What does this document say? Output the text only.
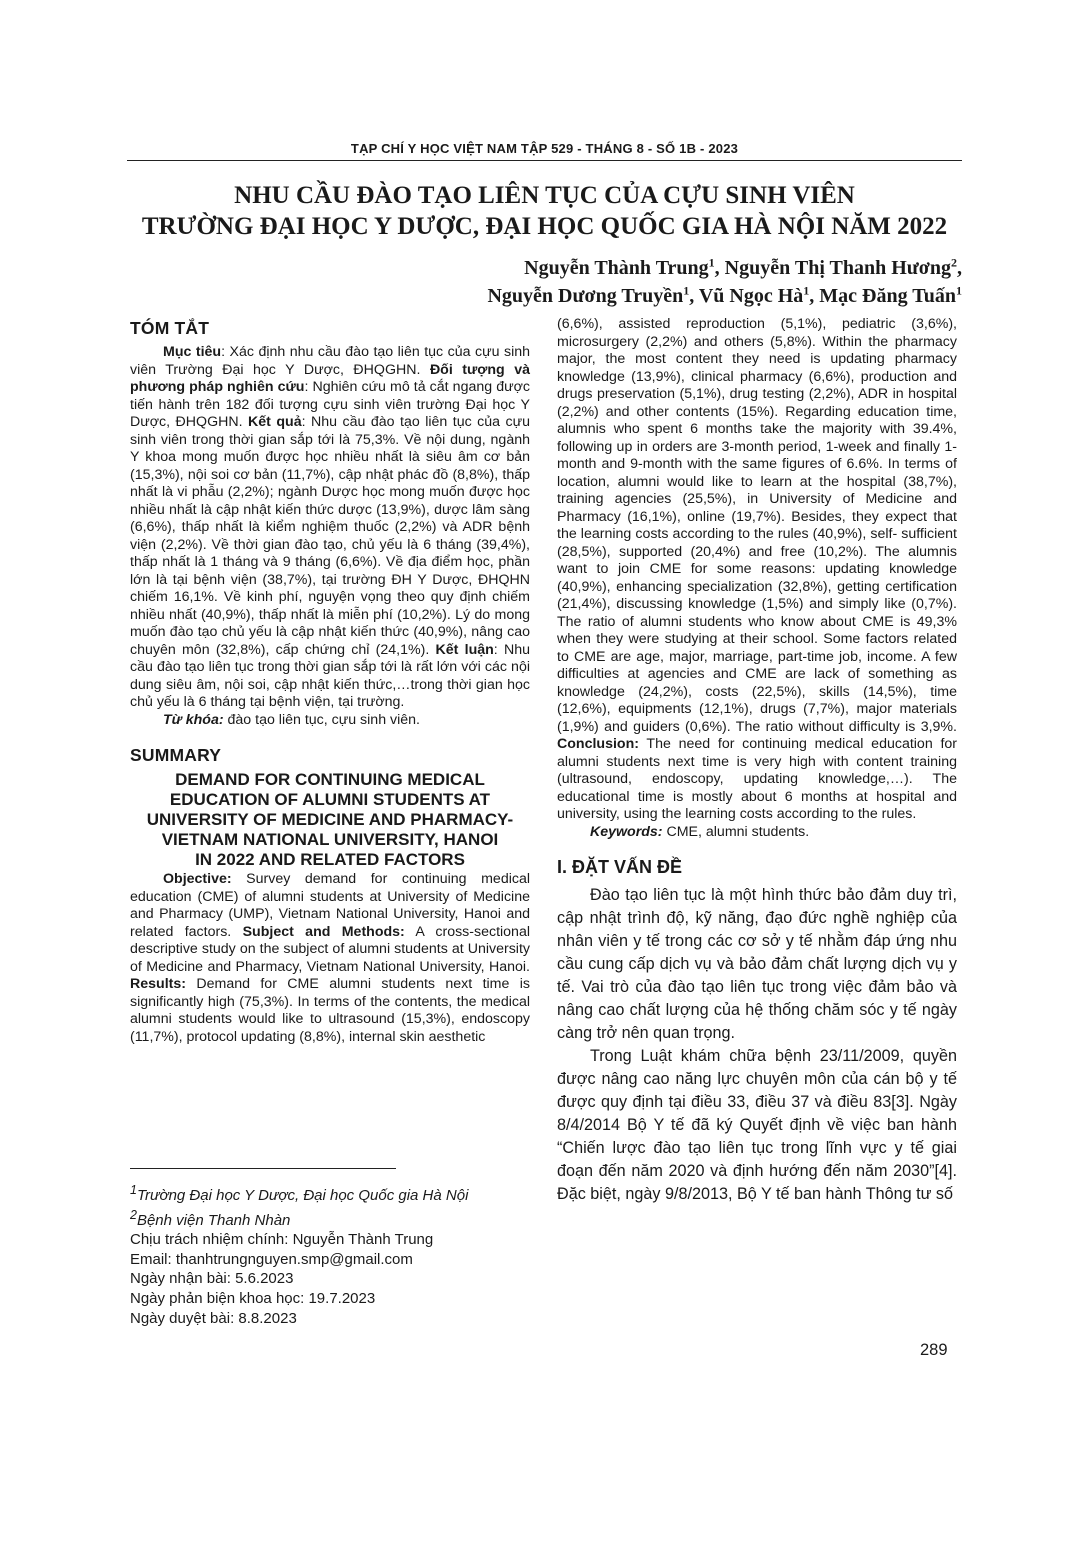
TẠP CHÍ Y HỌC VIỆT NAM TẬP 529 - THÁNG 8 - SỐ 1B - 2023
NHU CẦU ĐÀO TẠO LIÊN TỤC CỦA CỰU SINH VIÊN
TRƯỜNG ĐẠI HỌC Y DƯỢC, ĐẠI HỌC QUỐC GIA HÀ NỘI NĂM 2022
Nguyễn Thành Trung$^1$, Nguyễn Thị Thanh Hương$^2$,
Nguyễn Dương Truyền$^1$, Vũ Ngọc $Hà^1$, Mạc Đăng Tuấn$^1$
TÓM TẮT

Mục tiêu: Xác định nhu cầu đào tạo liên tục của cựu sinh viên Trường Đại học Y Dược, ĐHQGHN. Đối tượng và phương pháp nghiên cứu: Nghiên cứu mô tả cắt ngang được tiến hành trên 182 đối tượng cựu sinh viên trường Đại học Y Dược, ĐHQGHN. Kết quả: Nhu cầu đào tạo liên tục của cựu sinh viên trong thời gian sắp tới là 75,3%. Về nội dung, ngành Y khoa mong muốn được học nhiều nhất là siêu âm cơ bản (15,3%), nội soi cơ bản (11,7%), cập nhật phác đồ (8,8%), thấp nhất là vi phẫu (2,2%); ngành Dược học mong muốn được học nhiều nhất là cập nhật kiến thức dược (13,9%), dược lâm sàng (6,6%), thấp nhất là kiểm nghiệm thuốc (2,2%) và ADR bệnh viện (2,2%). Về thời gian đào tạo, chủ yếu là 6 tháng (39,4%), thấp nhất là 1 tháng và 9 tháng (6,6%). Về địa điểm học, phần lớn là tại bệnh viện (38,7%), tại trường ĐH Y Dược, ĐHQHN chiếm 16,1%. Về kinh phí, nguyện vọng theo quy định chiếm nhiều nhất (40,9%), thấp nhất là miễn phí (10,2%). Lý do mong muốn đào tạo chủ yếu là cập nhật kiến thức (40,9%), nâng cao chuyên môn (32,8%), cấp chứng chỉ (24,1%). Kết luận: Nhu cầu đào tạo liên tục trong thời gian sắp tới là rất lớn với các nội dung siêu âm, nội soi, cập nhật kiến thức,…trong thời gian học chủ yếu là 6 tháng tại bệnh viện, tại trường.

Từ khóa: đào tạo liên tục, cựu sinh viên.

SUMMARY
DEMAND FOR CONTINUING MEDICAL
EDUCATION OF ALUMNI STUDENTS AT
UNIVERSITY OF MEDICINE AND PHARMACY-
VIETNAM NATIONAL UNIVERSITY, HANOI
IN 2022 AND RELATED FACTORS

Objective: Survey demand for continuing medical education (CME) of alumni students at University of Medicine and Pharmacy (UMP), Vietnam National University, Hanoi and related factors. Subject and Methods: A cross-sectional descriptive study on the subject of alumni students at University of Medicine and Pharmacy, Vietnam National University, Hanoi. Results: Demand for CME alumni students next time is significantly high (75,3%). In terms of the contents, the medical alumni students would like to ultrasound (15,3%), endoscopy (11,7%), protocol updating (8,8%), internal skin aesthetic

$^1$Trường Đại học Y Dược, Đại học Quốc gia Hà Nội

$^2$Bệnh viện Thanh Nhàn

Chịu trách nhiệm chính: Nguyễn Thành Trung

Email: thanhtrungnguyen.smp@gmail.com

Ngày nhận bài: 5.6.2023

Ngày phản biện khoa học: 19.7.2023

Ngày duyệt bài: 8.8.2023

(6,6%), assisted reproduction (5,1%), pediatric (3,6%), microsurgery (2,2%) and others (5,8%). Within the pharmacy major, the most content they need is updating pharmacy knowledge (13,9%), clinical pharmacy (6,6%), production and drugs preservation (5,1%), drug testing (2,2%), ADR in hospital (2,2%) and other contents (15%). Regarding education time, alumnis who spent 6 months take the majority with 39.4%, following up in orders are 3-month period, 1-week and finally 1-month and 9-month with the same figures of 6.6%. In terms of location, alumni would like to learn at the hospital (38,7%), training agencies (25,5%), in University of Medicine and Pharmacy (16,1%), online (19,7%). Besides, they expect that the learning costs according to the rules (40,9%), self- sufficient (28,5%), supported (20,4%) and free (10,2%). The alumnis want to join CME for some reasons: updating knowledge (40,9%), enhancing specialization (32,8%), getting certification (21,4%), discussing knowledge (1,5%) and simply like (0,7%). The ratio of alumni students who know about CME is 49,3% when they were studying at their school. Some factors related to CME are age, major, marriage, part-time job, income. A few difficulties at agencies and CME are lack of something as knowledge (24,2%), costs (22,5%), skills (14,5%), time (12,6%), equipments (12,1%), drugs (7,7%), major materials (1,9%) and guiders (0,6%). The ratio without difficulty is 3,9%. Conclusion: The need for continuing medical education for alumni students next time is very high with content training (ultrasound, endoscopy, updating knowledge,…). The educational time is mostly about 6 months at hospital and university, using the learning costs according to the rules.

Keywords: CME, alumni students.

I. ĐẶT VẤN ĐỀ

Đào tạo liên tục là một hình thức bảo đảm duy trì, cập nhật trình độ, kỹ năng, đạo đức nghề nghiệp của nhân viên y tế trong các cơ sở y tế nhằm đáp ứng nhu cầu cung cấp dịch vụ và bảo đảm chất lượng dịch vụ y tế. Vai trò của đào tạo liên tục trong việc đảm bảo và nâng cao chất lượng của hệ thống chăm sóc y tế ngày càng trở nên quan trọng.

Trong Luật khám chữa bệnh 23/11/2009, quyền được nâng cao năng lực chuyên môn của cán bộ y tế được quy định tại điều 33, điều 37 và điều 83[3]. Ngày 8/4/2014 Bộ Y tế đã ký Quyết định về việc ban hành “Chiến lược đào tạo liên tục trong lĩnh vực y tế giai đoạn đến năm 2020 và định hướng đến năm 2030”[4]. Đặc biệt, ngày 9/8/2013, Bộ Y tế ban hành Thông tư số

289
